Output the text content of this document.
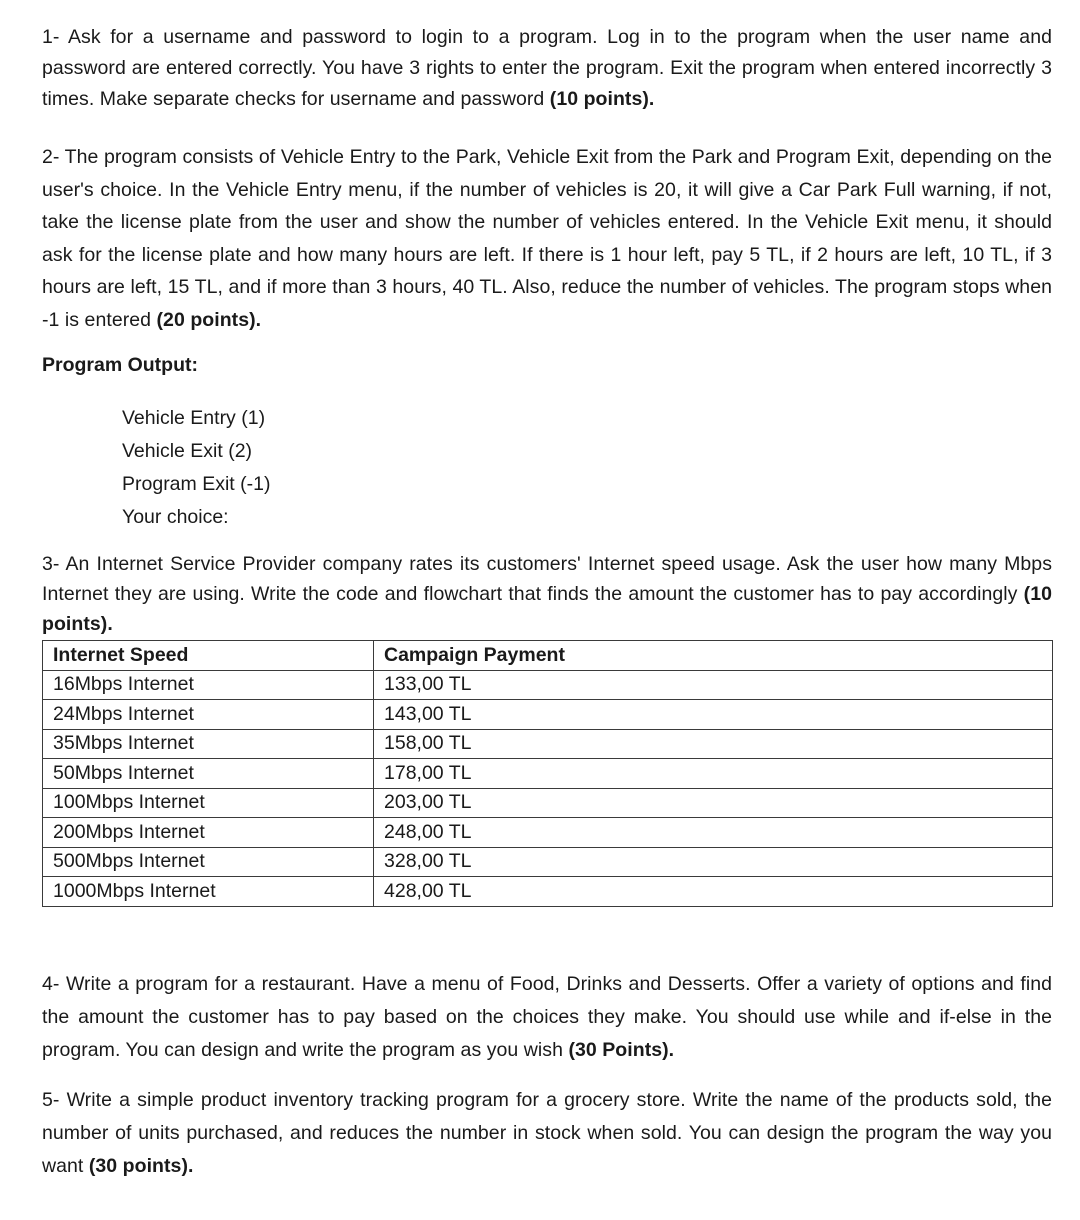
1- Ask for a username and password to login to a program. Log in to the program when the user name and password are entered correctly. You have 3 rights to enter the program. Exit the program when entered incorrectly 3 times. Make separate checks for username and password (10 points).

2- The program consists of Vehicle Entry to the Park, Vehicle Exit from the Park and Program Exit, depending on the user's choice. In the Vehicle Entry menu, if the number of vehicles is 20, it will give a Car Park Full warning, if not, take the license plate from the user and show the number of vehicles entered. In the Vehicle Exit menu, it should ask for the license plate and how many hours are left. If there is 1 hour left, pay 5 TL, if 2 hours are left, 10 TL, if 3 hours are left, 15 TL, and if more than 3 hours, 40 TL. Also, reduce the number of vehicles. The program stops when -1 is entered (20 points).

Program Output:
Vehicle Entry (1)
Vehicle Exit (2)
Program Exit (-1)
Your choice:

3- An Internet Service Provider company rates its customers' Internet speed usage. Ask the user how many Mbps Internet they are using. Write the code and flowchart that finds the amount the customer has to pay accordingly (10 points).

Internet Speed	Campaign Payment
16Mbps Internet	133,00 TL
24Mbps Internet	143,00 TL
35Mbps Internet	158,00 TL
50Mbps Internet	178,00 TL
100Mbps Internet	203,00 TL
200Mbps Internet	248,00 TL
500Mbps Internet	328,00 TL
1000Mbps Internet	428,00 TL

4- Write a program for a restaurant. Have a menu of Food, Drinks and Desserts. Offer a variety of options and find the amount the customer has to pay based on the choices they make. You should use while and if-else in the program. You can design and write the program as you wish (30 Points).

5- Write a simple product inventory tracking program for a grocery store. Write the name of the products sold, the number of units purchased, and reduces the number in stock when sold. You can design the program the way you want (30 points).
